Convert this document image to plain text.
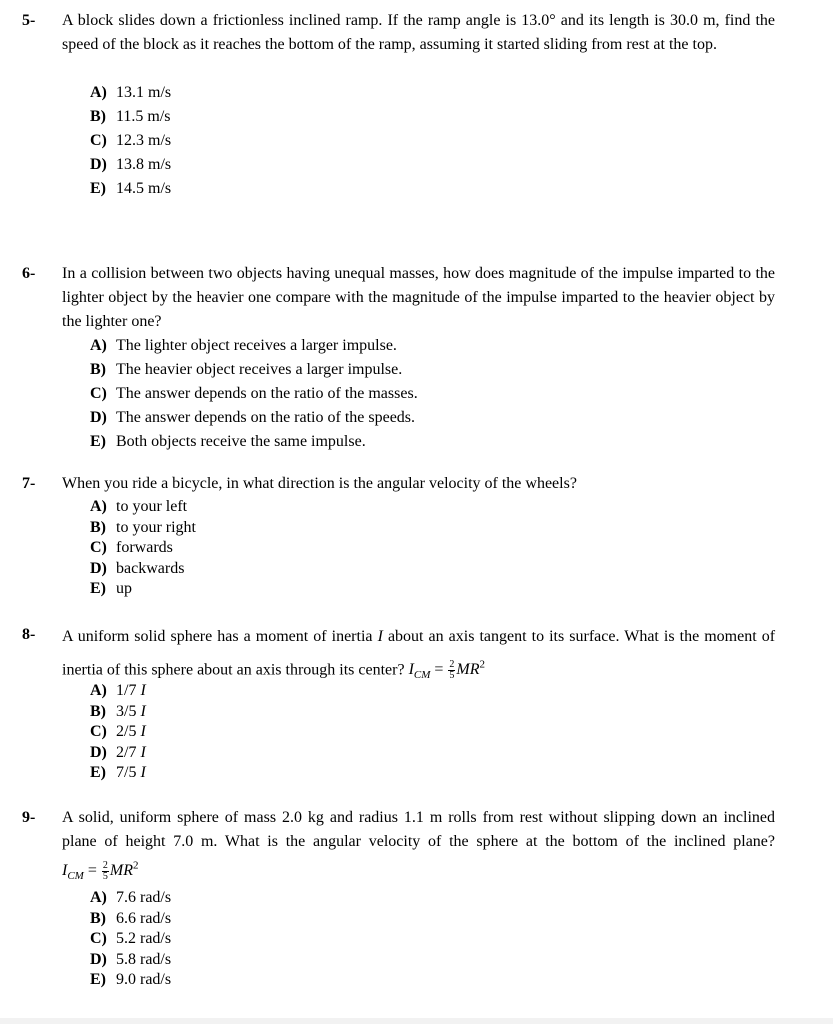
5- A block slides down a frictionless inclined ramp. If the ramp angle is 13.0° and its length is 30.0 m, find the speed of the block as it reaches the bottom of the ramp, assuming it started sliding from rest at the top.
A) 13.1 m/s
B) 11.5 m/s
C) 12.3 m/s
D) 13.8 m/s
E) 14.5 m/s
6- In a collision between two objects having unequal masses, how does magnitude of the impulse imparted to the lighter object by the heavier one compare with the magnitude of the impulse imparted to the heavier object by the lighter one?
A) The lighter object receives a larger impulse.
B) The heavier object receives a larger impulse.
C) The answer depends on the ratio of the masses.
D) The answer depends on the ratio of the speeds.
E) Both objects receive the same impulse.
7- When you ride a bicycle, in what direction is the angular velocity of the wheels?
A) to your left
B) to your right
C) forwards
D) backwards
E) up
8- A uniform solid sphere has a moment of inertia I about an axis tangent to its surface. What is the moment of inertia of this sphere about an axis through its center? $I_{CM} = \frac{2}{5} MR^2$
A) 1/7 I
B) 3/5 I
C) 2/5 I
D) 2/7 I
E) 7/5 I
9- A solid, uniform sphere of mass 2.0 kg and radius 1.1 m rolls from rest without slipping down an inclined plane of height 7.0 m. What is the angular velocity of the sphere at the bottom of the inclined plane? $I_{CM} = \frac{2}{5} MR^2$
A) 7.6 rad/s
B) 6.6 rad/s
C) 5.2 rad/s
D) 5.8 rad/s
E) 9.0 rad/s
